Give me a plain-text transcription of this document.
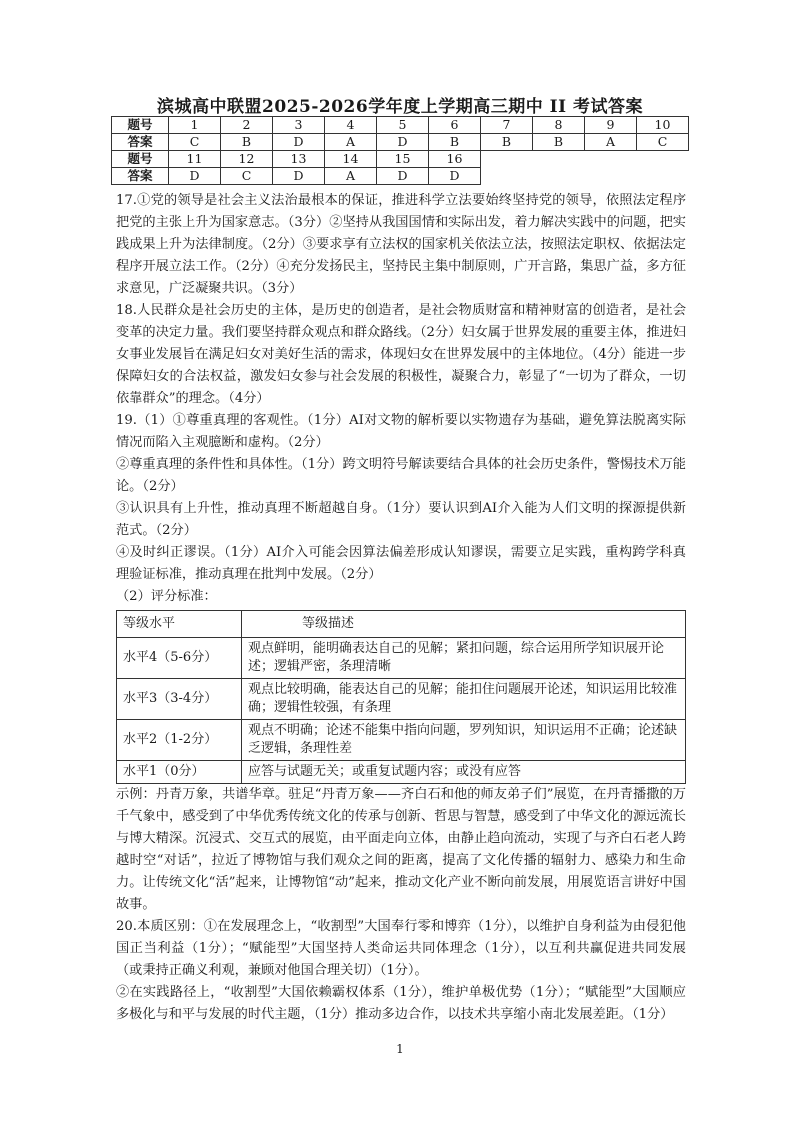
滨城高中联盟2025-2026学年度上学期高三期中 II 考试答案
题号	1	2	3	4	5	6	7	8	9	10
答案	C	B	D	A	D	B	B	B	A	C
题号	11	12	13	14	15	16				
答案	D	C	D	A	D	D				

17.①党的领导是社会主义法治最根本的保证，推进科学立法要始终坚持党的领导，依照法定程序把党的主张上升为国家意志。（3分）②坚持从我国国情和实际出发，着力解决实践中的问题，把实践成果上升为法律制度。（2分）③要求享有立法权的国家机关依法立法，按照法定职权、依据法定程序开展立法工作。（2分）④充分发扬民主，坚持民主集中制原则，广开言路，集思广益，多方征求意见，广泛凝聚共识。（3分）

18.人民群众是社会历史的主体，是历史的创造者，是社会物质财富和精神财富的创造者，是社会变革的决定力量。我们要坚持群众观点和群众路线。（2分）妇女属于世界发展的重要主体，推进妇女事业发展旨在满足妇女对美好生活的需求，体现妇女在世界发展中的主体地位。（4分）能进一步保障妇女的合法权益，激发妇女参与社会发展的积极性，凝聚合力，彰显了“一切为了群众，一切依靠群众”的理念。（4分）

19.（1）①尊重真理的客观性。（1分）AI对文物的解析要以实物遗存为基础，避免算法脱离实际情况而陷入主观臆断和虚构。（2分）

②尊重真理的条件性和具体性。（1分）跨文明符号解读要结合具体的社会历史条件，警惕技术万能论。（2分）

③认识具有上升性，推动真理不断超越自身。（1分）要认识到AI介入能为人们文明的探源提供新范式。（2分）

④及时纠正谬误。（1分）AI介入可能会因算法偏差形成认知谬误，需要立足实践，重构跨学科真理验证标准，推动真理在批判中发展。（2分）

（2）评分标准：

等级水平	等级描述
水平4（5-6分）	观点鲜明，能明确表达自己的见解；紧扣问题，综合运用所学知识展开论述；逻辑严密，条理清晰
水平3（3-4分）	观点比较明确，能表达自己的见解；能扣住问题展开论述，知识运用比较准确；逻辑性较强，有条理
水平2（1-2分）	观点不明确；论述不能集中指向问题，罗列知识，知识运用不正确；论述缺乏逻辑，条理性差
水平1（0分）	应答与试题无关；或重复试题内容；或没有应答

示例：丹青万象，共谱华章。驻足“丹青万象——齐白石和他的师友弟子们”展览，在丹青播撒的万千气象中，感受到了中华优秀传统文化的传承与创新、哲思与智慧，感受到了中华文化的源远流长与博大精深。沉浸式、交互式的展览，由平面走向立体，由静止趋向流动，实现了与齐白石老人跨越时空“对话”，拉近了博物馆与我们观众之间的距离，提高了文化传播的辐射力、感染力和生命力。让传统文化“活”起来，让博物馆“动”起来，推动文化产业不断向前发展，用展览语言讲好中国故事。

20.本质区别：①在发展理念上，“收割型”大国奉行零和博弈（1分），以维护自身利益为由侵犯他国正当利益（1分）；“赋能型”大国坚持人类命运共同体理念（1分），以互利共赢促进共同发展（或秉持正确义利观，兼顾对他国合理关切）（1分）。

②在实践路径上，“收割型”大国依赖霸权体系（1分），维护单极优势（1分）；“赋能型”大国顺应多极化与和平与发展的时代主题，（1分）推动多边合作，以技术共享缩小南北发展差距。（1分）

1
